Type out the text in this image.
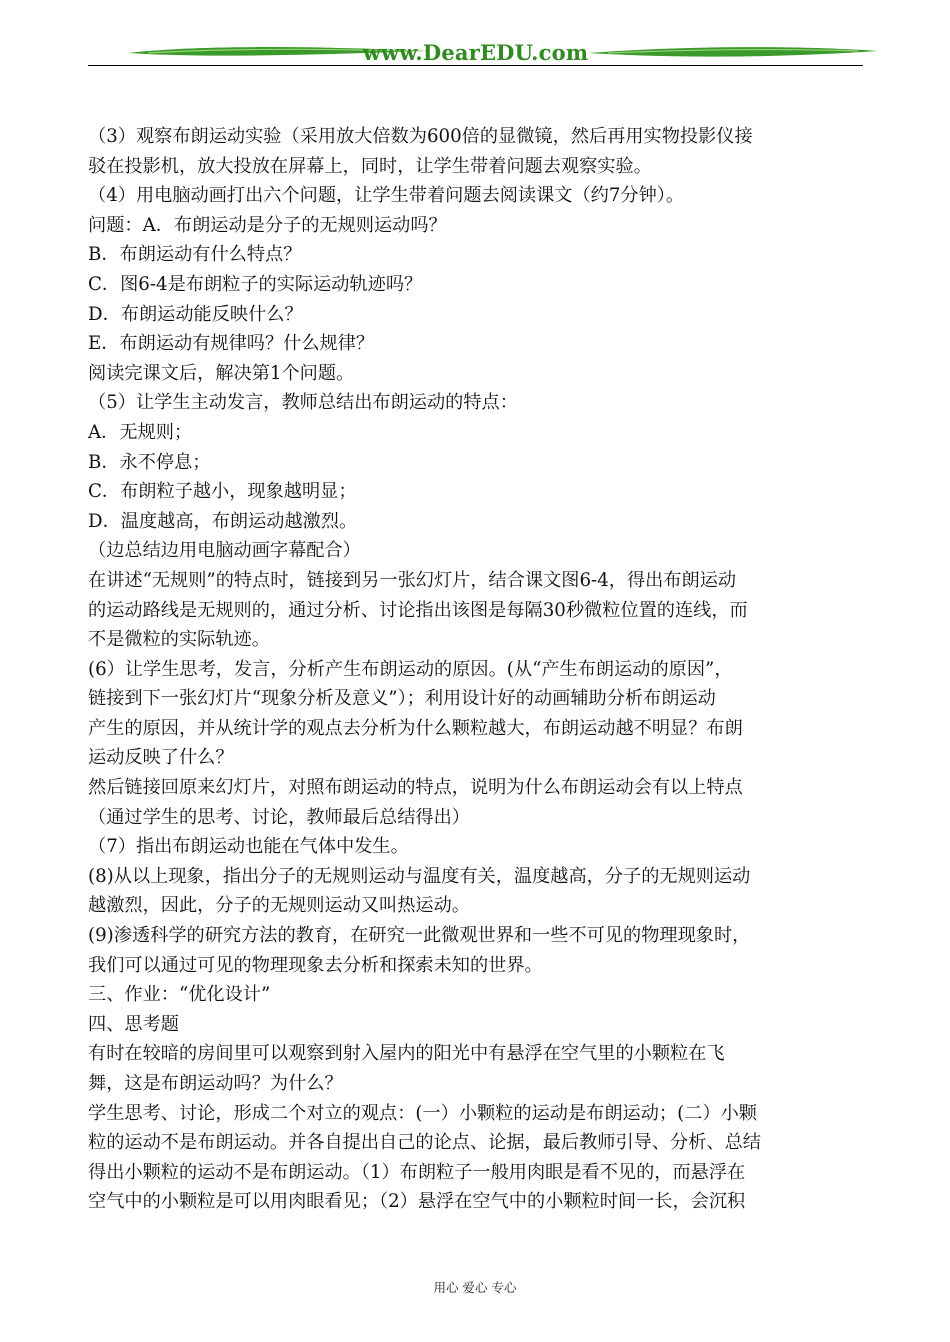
www.DearEDU.com
（3）观察布朗运动实验（采用放大倍数为600倍的显微镜，然后再用实物投影仪接
驳在投影机，放大投放在屏幕上，同时，让学生带着问题去观察实验。
（4）用电脑动画打出六个问题，让学生带着问题去阅读课文（约7分钟）。
问题：A．布朗运动是分子的无规则运动吗？
B．布朗运动有什么特点？
C．图6-4是布朗粒子的实际运动轨迹吗？
D．布朗运动能反映什么？
E．布朗运动有规律吗？什么规律？
阅读完课文后，解决第1个问题。
（5）让学生主动发言，教师总结出布朗运动的特点：
A．无规则；
B．永不停息；
C．布朗粒子越小，现象越明显；
D．温度越高，布朗运动越激烈。
（边总结边用电脑动画字幕配合）
在讲述“无规则”的特点时，链接到另一张幻灯片，结合课文图6-4，得出布朗运动
的运动路线是无规则的，通过分析、讨论指出该图是每隔30秒微粒位置的连线，而
不是微粒的实际轨迹。
(6）让学生思考，发言，分析产生布朗运动的原因。(从“产生布朗运动的原因”，
链接到下一张幻灯片“现象分析及意义”）；利用设计好的动画辅助分析布朗运动
产生的原因，并从统计学的观点去分析为什么颗粒越大，布朗运动越不明显？布朗
运动反映了什么？
然后链接回原来幻灯片，对照布朗运动的特点，说明为什么布朗运动会有以上特点
（通过学生的思考、讨论，教师最后总结得出）
（7）指出布朗运动也能在气体中发生。
(8)从以上现象，指出分子的无规则运动与温度有关，温度越高，分子的无规则运动
越激烈，因此，分子的无规则运动又叫热运动。
(9)渗透科学的研究方法的教育，在研究一此微观世界和一些不可见的物理现象时，
我们可以通过可见的物理现象去分析和探索未知的世界。
三、作业：“优化设计”
四、思考题
有时在较暗的房间里可以观察到射入屋内的阳光中有悬浮在空气里的小颗粒在飞
舞，这是布朗运动吗？为什么？
学生思考、讨论，形成二个对立的观点：(一）小颗粒的运动是布朗运动；(二）小颗
粒的运动不是布朗运动。并各自提出自己的论点、论据，最后教师引导、分析、总结
得出小颗粒的运动不是布朗运动。（1）布朗粒子一般用肉眼是看不见的，而悬浮在
空气中的小颗粒是可以用肉眼看见；（2）悬浮在空气中的小颗粒时间一长，会沉积
用心 爱心 专心
